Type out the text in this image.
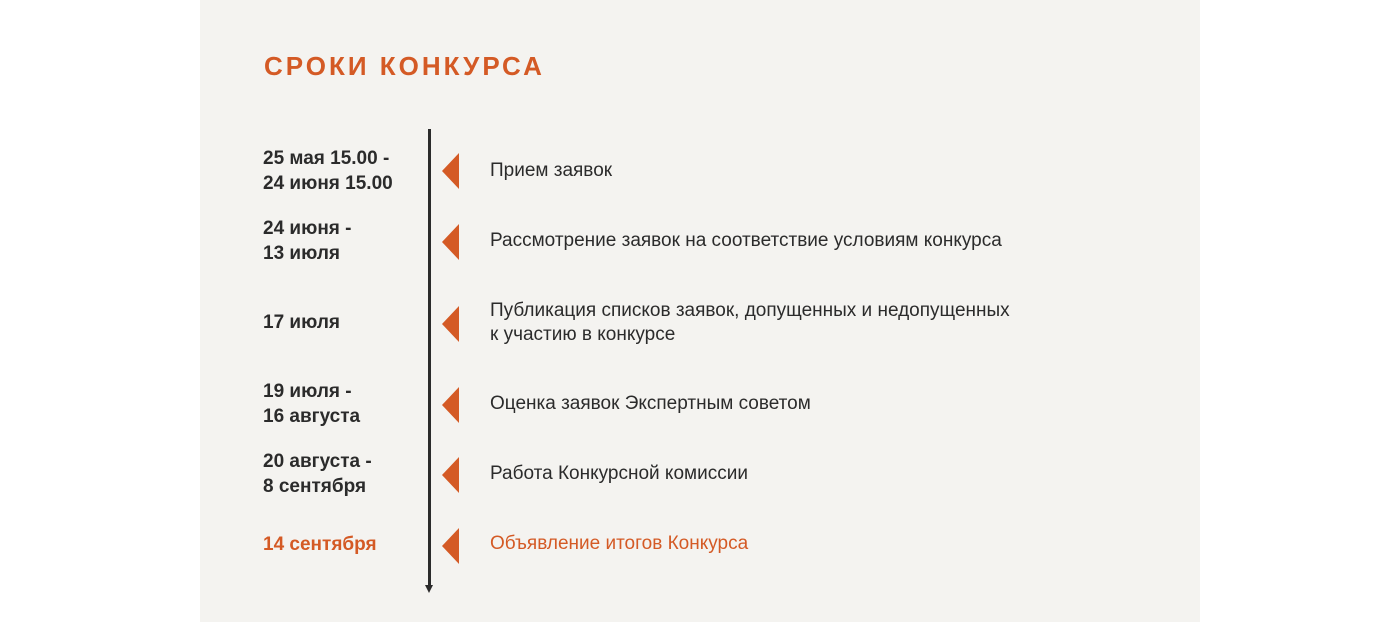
СРОКИ КОНКУРСА
25 мая 15.00 -
24 июня 15.00
Прием заявок
24 июня -
13 июля
Рассмотрение заявок на соответствие условиям конкурса
17 июля
Публикация списков заявок, допущенных и недопущенных
к участию в конкурсе
19 июля -
16 августа
Оценка заявок Экспертным советом
20 августа -
8 сентября
Работа Конкурсной комиссии
14 сентября	Объявление итогов Конкурса
